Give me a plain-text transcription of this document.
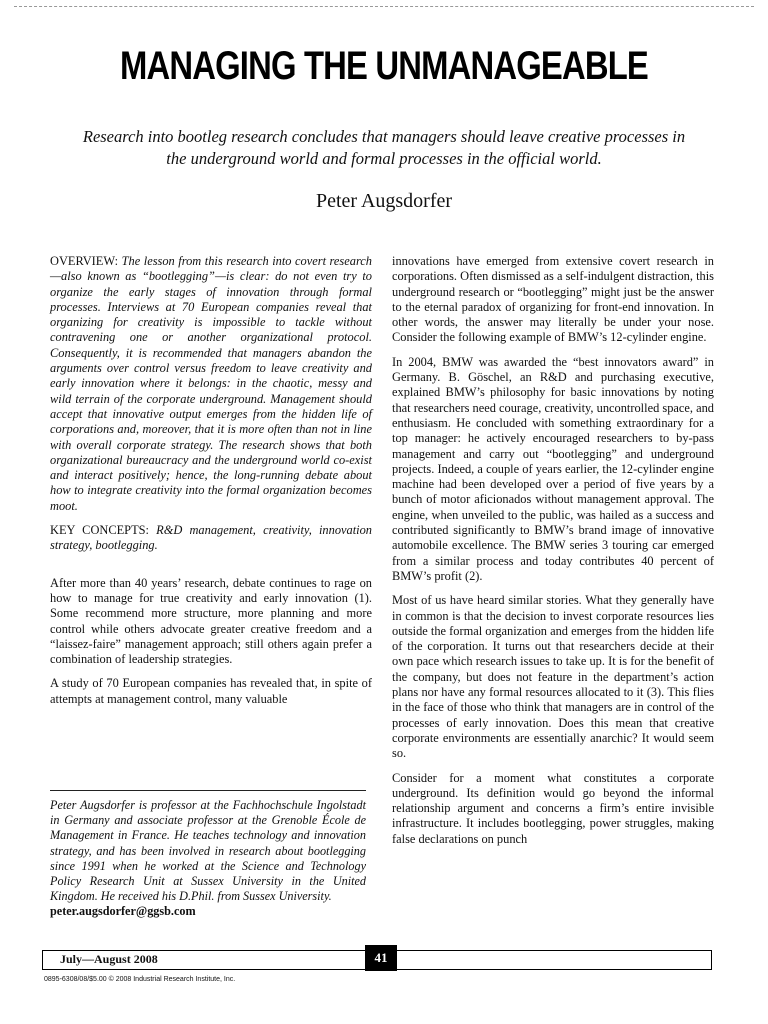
MANAGING THE UNMANAGEABLE
Research into bootleg research concludes that managers should leave creative processes in the underground world and formal processes in the official world.
Peter Augsdorfer

OVERVIEW: The lesson from this research into covert research—also known as “bootlegging”—is clear: do not even try to organize the early stages of innovation through formal processes. Interviews at 70 European companies reveal that organizing for creativity is impossible to tackle without contravening one or another organizational protocol. Consequently, it is recommended that managers abandon the arguments over control versus freedom to leave creativity and early innovation where it belongs: in the chaotic, messy and wild terrain of the corporate underground. Management should accept that innovative output emerges from the hidden life of corporations and, moreover, that it is more often than not in line with overall corporate strategy. The research shows that both organizational bureaucracy and the underground world co-exist and interact positively; hence, the long-running debate about how to integrate creativity into the formal organization becomes moot.

KEY CONCEPTS: R&D management, creativity, innovation strategy, bootlegging.

After more than 40 years’ research, debate continues to rage on how to manage for true creativity and early innovation (1). Some recommend more structure, more planning and more control while others advocate greater creative freedom and a “laissez-faire” management approach; still others again prefer a combination of leadership strategies.

A study of 70 European companies has revealed that, in spite of attempts at management control, many valuable

Peter Augsdorfer is professor at the Fachhochschule Ingolstadt in Germany and associate professor at the Grenoble École de Management in France. He teaches technology and innovation strategy, and has been involved in research about bootlegging since 1991 when he worked at the Science and Technology Policy Research Unit at Sussex University in the United Kingdom. He received his D.Phil. from Sussex University.
peter.augsdorfer@ggsb.com

innovations have emerged from extensive covert research in corporations. Often dismissed as a self-indulgent distraction, this underground research or “bootlegging” might just be the answer to the eternal paradox of organizing for front-end innovation. In other words, the answer may literally be under your nose. Consider the following example of BMW’s 12-cylinder engine.

In 2004, BMW was awarded the “best innovators award” in Germany. B. Göschel, an R&D and purchasing executive, explained BMW’s philosophy for basic innovations by noting that researchers need courage, creativity, uncontrolled space, and enthusiasm. He concluded with something extraordinary for a top manager: he actively encouraged researchers to by-pass management and carry out “bootlegging” and underground projects. Indeed, a couple of years earlier, the 12-cylinder engine machine had been developed over a period of five years by a bunch of motor aficionados without management approval. The engine, when unveiled to the public, was hailed as a success and contributed significantly to BMW’s brand image of innovative automobile excellence. The BMW series 3 touring car emerged from a similar process and today contributes 40 percent of BMW’s profit (2).

Most of us have heard similar stories. What they generally have in common is that the decision to invest corporate resources lies outside the formal organization and emerges from the hidden life of the corporation. It turns out that researchers decide at their own pace which research issues to take up. It is for the benefit of the company, but does not feature in the department’s action plans nor have any formal resources allocated to it (3). This flies in the face of those who think that managers are in control of the processes of early innovation. Does this mean that creative corporate environments are essentially anarchic? It would seem so.

Consider for a moment what constitutes a corporate underground. Its definition would go beyond the informal relationship argument and concerns a firm’s entire invisible infrastructure. It includes bootlegging, power struggles, making false declarations on punch

July—August 2008	41
0895-6308/08/$5.00 © 2008 Industrial Research Institute, Inc.
